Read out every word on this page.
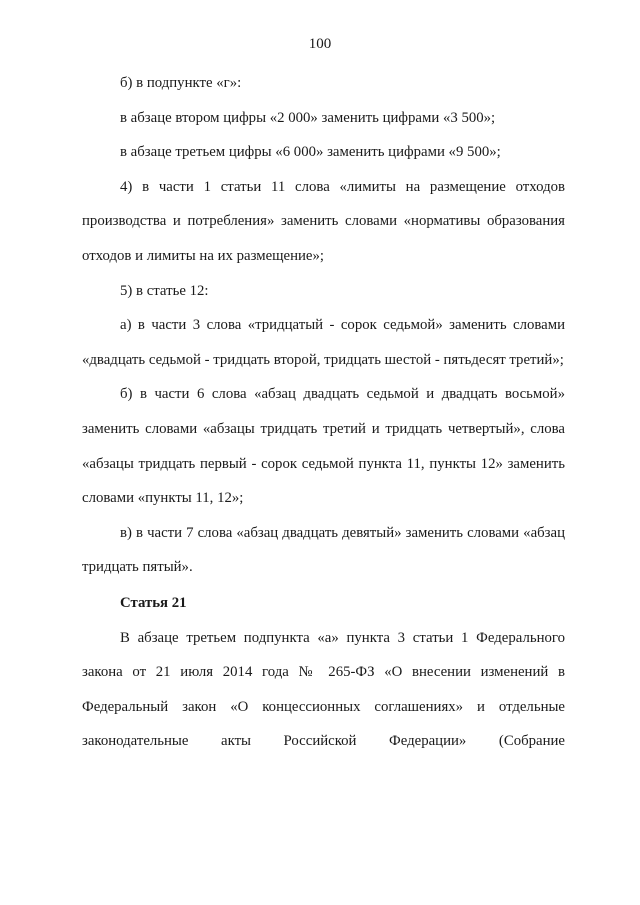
100

б) в подпункте «г»:

в абзаце втором цифры «2 000» заменить цифрами «3 500»;

в абзаце третьем цифры «6 000» заменить цифрами «9 500»;

4) в части 1 статьи 11 слова «лимиты на размещение отходов производства и потребления» заменить словами «нормативы образования отходов и лимиты на их размещение»;

5) в статье 12:

а) в части 3 слова «тридцатый - сорок седьмой» заменить словами «двадцать седьмой - тридцать второй, тридцать шестой - пятьдесят третий»;

б) в части 6 слова «абзац двадцать седьмой и двадцать восьмой» заменить словами «абзацы тридцать третий и тридцать четвертый», слова «абзацы тридцать первый - сорок седьмой пункта 11, пункты 12» заменить словами «пункты 11, 12»;

в) в части 7 слова «абзац двадцать девятый» заменить словами «абзац тридцать пятый».

Статья 21

В абзаце третьем подпункта «а» пункта 3 статьи 1 Федерального закона от 21 июля 2014 года № 265-ФЗ «О внесении изменений в Федеральный закон «О концессионных соглашениях» и отдельные законодательные акты Российской Федерации» (Собрание
